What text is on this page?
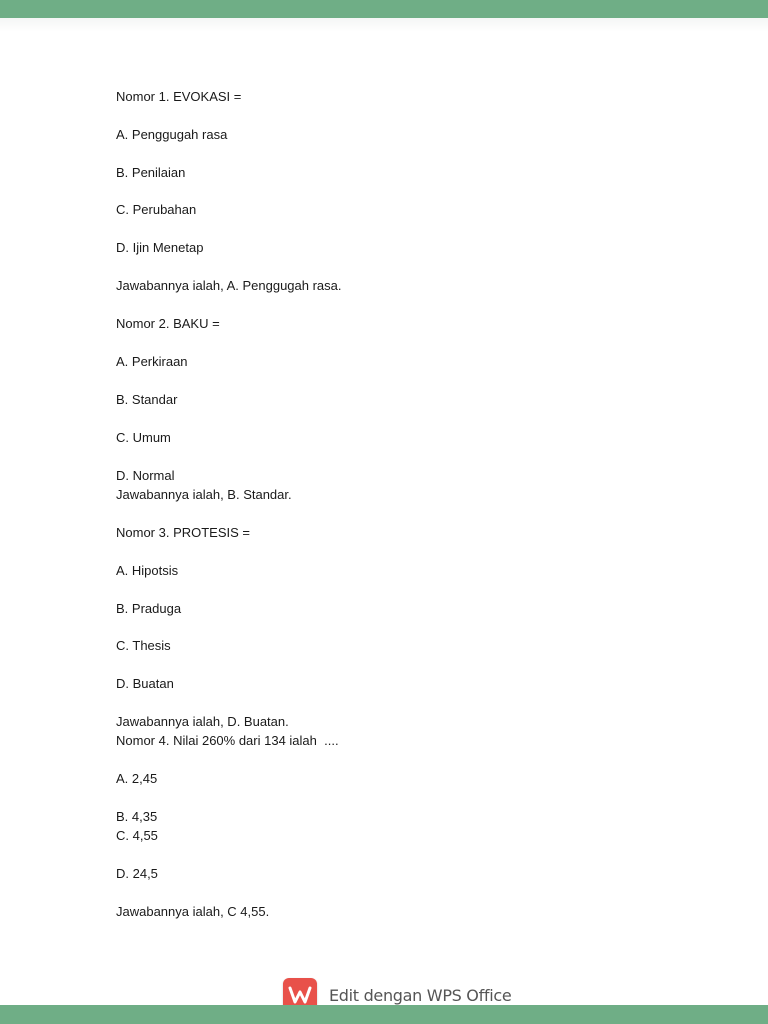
Nomor 1. EVOKASI =
A. Penggugah rasa
B. Penilaian
C. Perubahan
D. Ijin Menetap
Jawabannya ialah, A. Penggugah rasa.
Nomor 2. BAKU =
A. Perkiraan
B. Standar
C. Umum
D. Normal
Jawabannya ialah, B. Standar.
Nomor 3. PROTESIS =
A. Hipotsis
B. Praduga
C. Thesis
D. Buatan
Jawabannya ialah, D. Buatan.
Nomor 4. Nilai 260% dari 134 ialah  ....
A. 2,45
B. 4,35
C. 4,55
D. 24,5
Jawabannya ialah, C 4,55.
Edit dengan WPS Office
